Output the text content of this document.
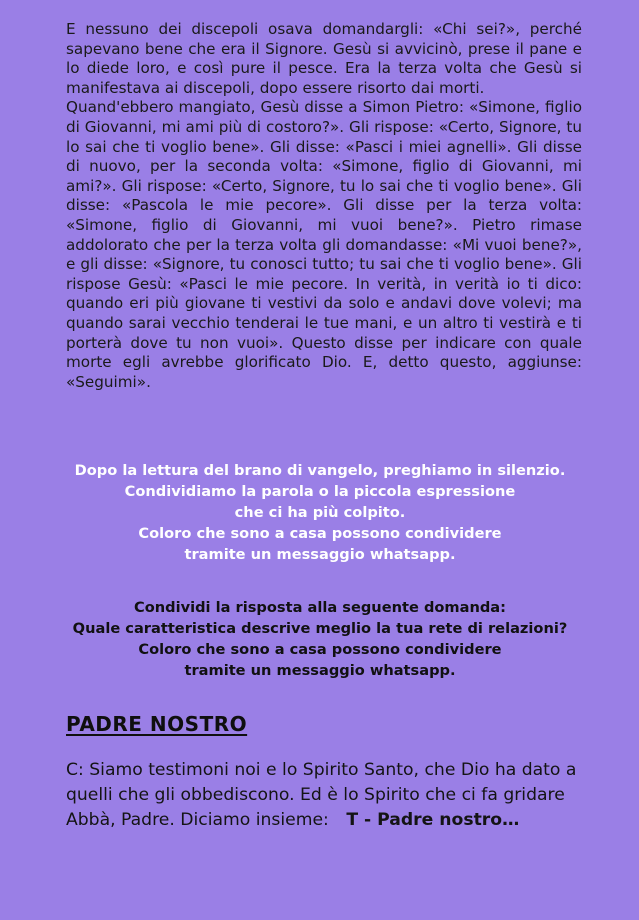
E nessuno dei discepoli osava domandargli: «Chi sei?», perché sapevano bene che era il Signore. Gesù si avvicinò, prese il pane e lo diede loro, e così pure il pesce. Era la terza volta che Gesù si manifestava ai discepoli, dopo essere risorto dai morti.

Quand'ebbero mangiato, Gesù disse a Simon Pietro: «Simone, figlio di Giovanni, mi ami più di costoro?». Gli rispose: «Certo, Signore, tu lo sai che ti voglio bene». Gli disse: «Pasci i miei agnelli». Gli disse di nuovo, per la seconda volta: «Simone, figlio di Giovanni, mi ami?». Gli rispose: «Certo, Signore, tu lo sai che ti voglio bene». Gli disse: «Pascola le mie pecore». Gli disse per la terza volta: «Simone, figlio di Giovanni, mi vuoi bene?». Pietro rimase addolorato che per la terza volta gli domandasse: «Mi vuoi bene?», e gli disse: «Signore, tu conosci tutto; tu sai che ti voglio bene». Gli rispose Gesù: «Pasci le mie pecore. In verità, in verità io ti dico: quando eri più giovane ti vestivi da solo e andavi dove volevi; ma quando sarai vecchio tenderai le tue mani, e un altro ti vestirà e ti porterà dove tu non vuoi». Questo disse per indicare con quale morte egli avrebbe glorificato Dio. E, detto questo, aggiunse: «Seguimi».

Dopo la lettura del brano di vangelo, preghiamo in silenzio.
Condividiamo la parola o la piccola espressione
che ci ha più colpito.
Coloro che sono a casa possono condividere
tramite un messaggio whatsapp.
Condividi la risposta alla seguente domanda:
Quale caratteristica descrive meglio la tua rete di relazioni?
Coloro che sono a casa possono condividere
tramite un messaggio whatsapp.
PADRE NOSTRO
C: Siamo testimoni noi e lo Spirito Santo, che Dio ha dato a
quelli che gli obbediscono. Ed è lo Spirito che ci fa gridare
Abbà, Padre. Diciamo insieme: T - Padre nostro…
